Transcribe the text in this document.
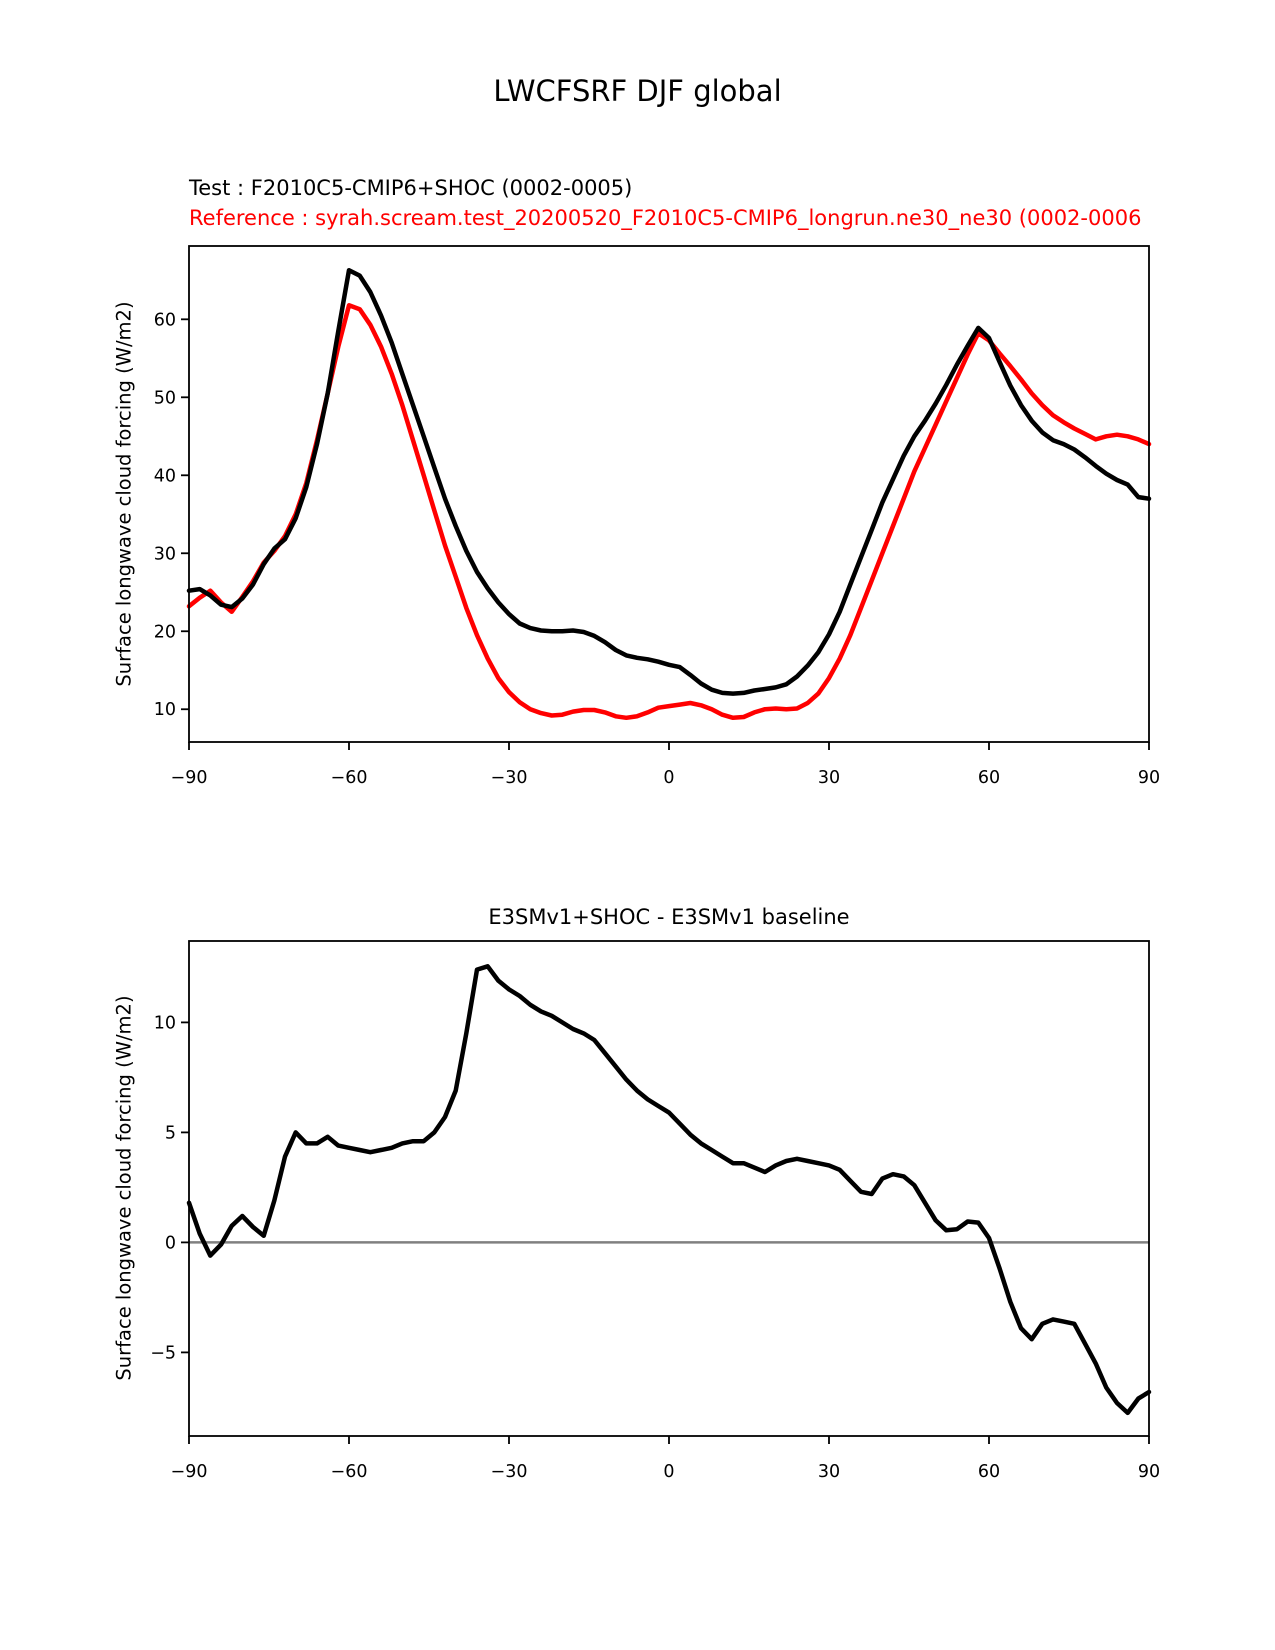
LWCFSRF DJF global
Test : F2010C5-CMIP6+SHOC (0002-0005)
Reference : syrah.scream.test_20200520_F2010C5-CMIP6_longrun.ne30_ne30 (0002-0006
−90	−60	−30	0	30	60	90
10
20
30
40
50
60
−90	−60	−30	0	30	60	90
−5
0
5
10
Surface longwave cloud forcing (W/m2)
E3SMv1+SHOC - E3SMv1 baseline
Surface longwave cloud forcing (W/m2)
